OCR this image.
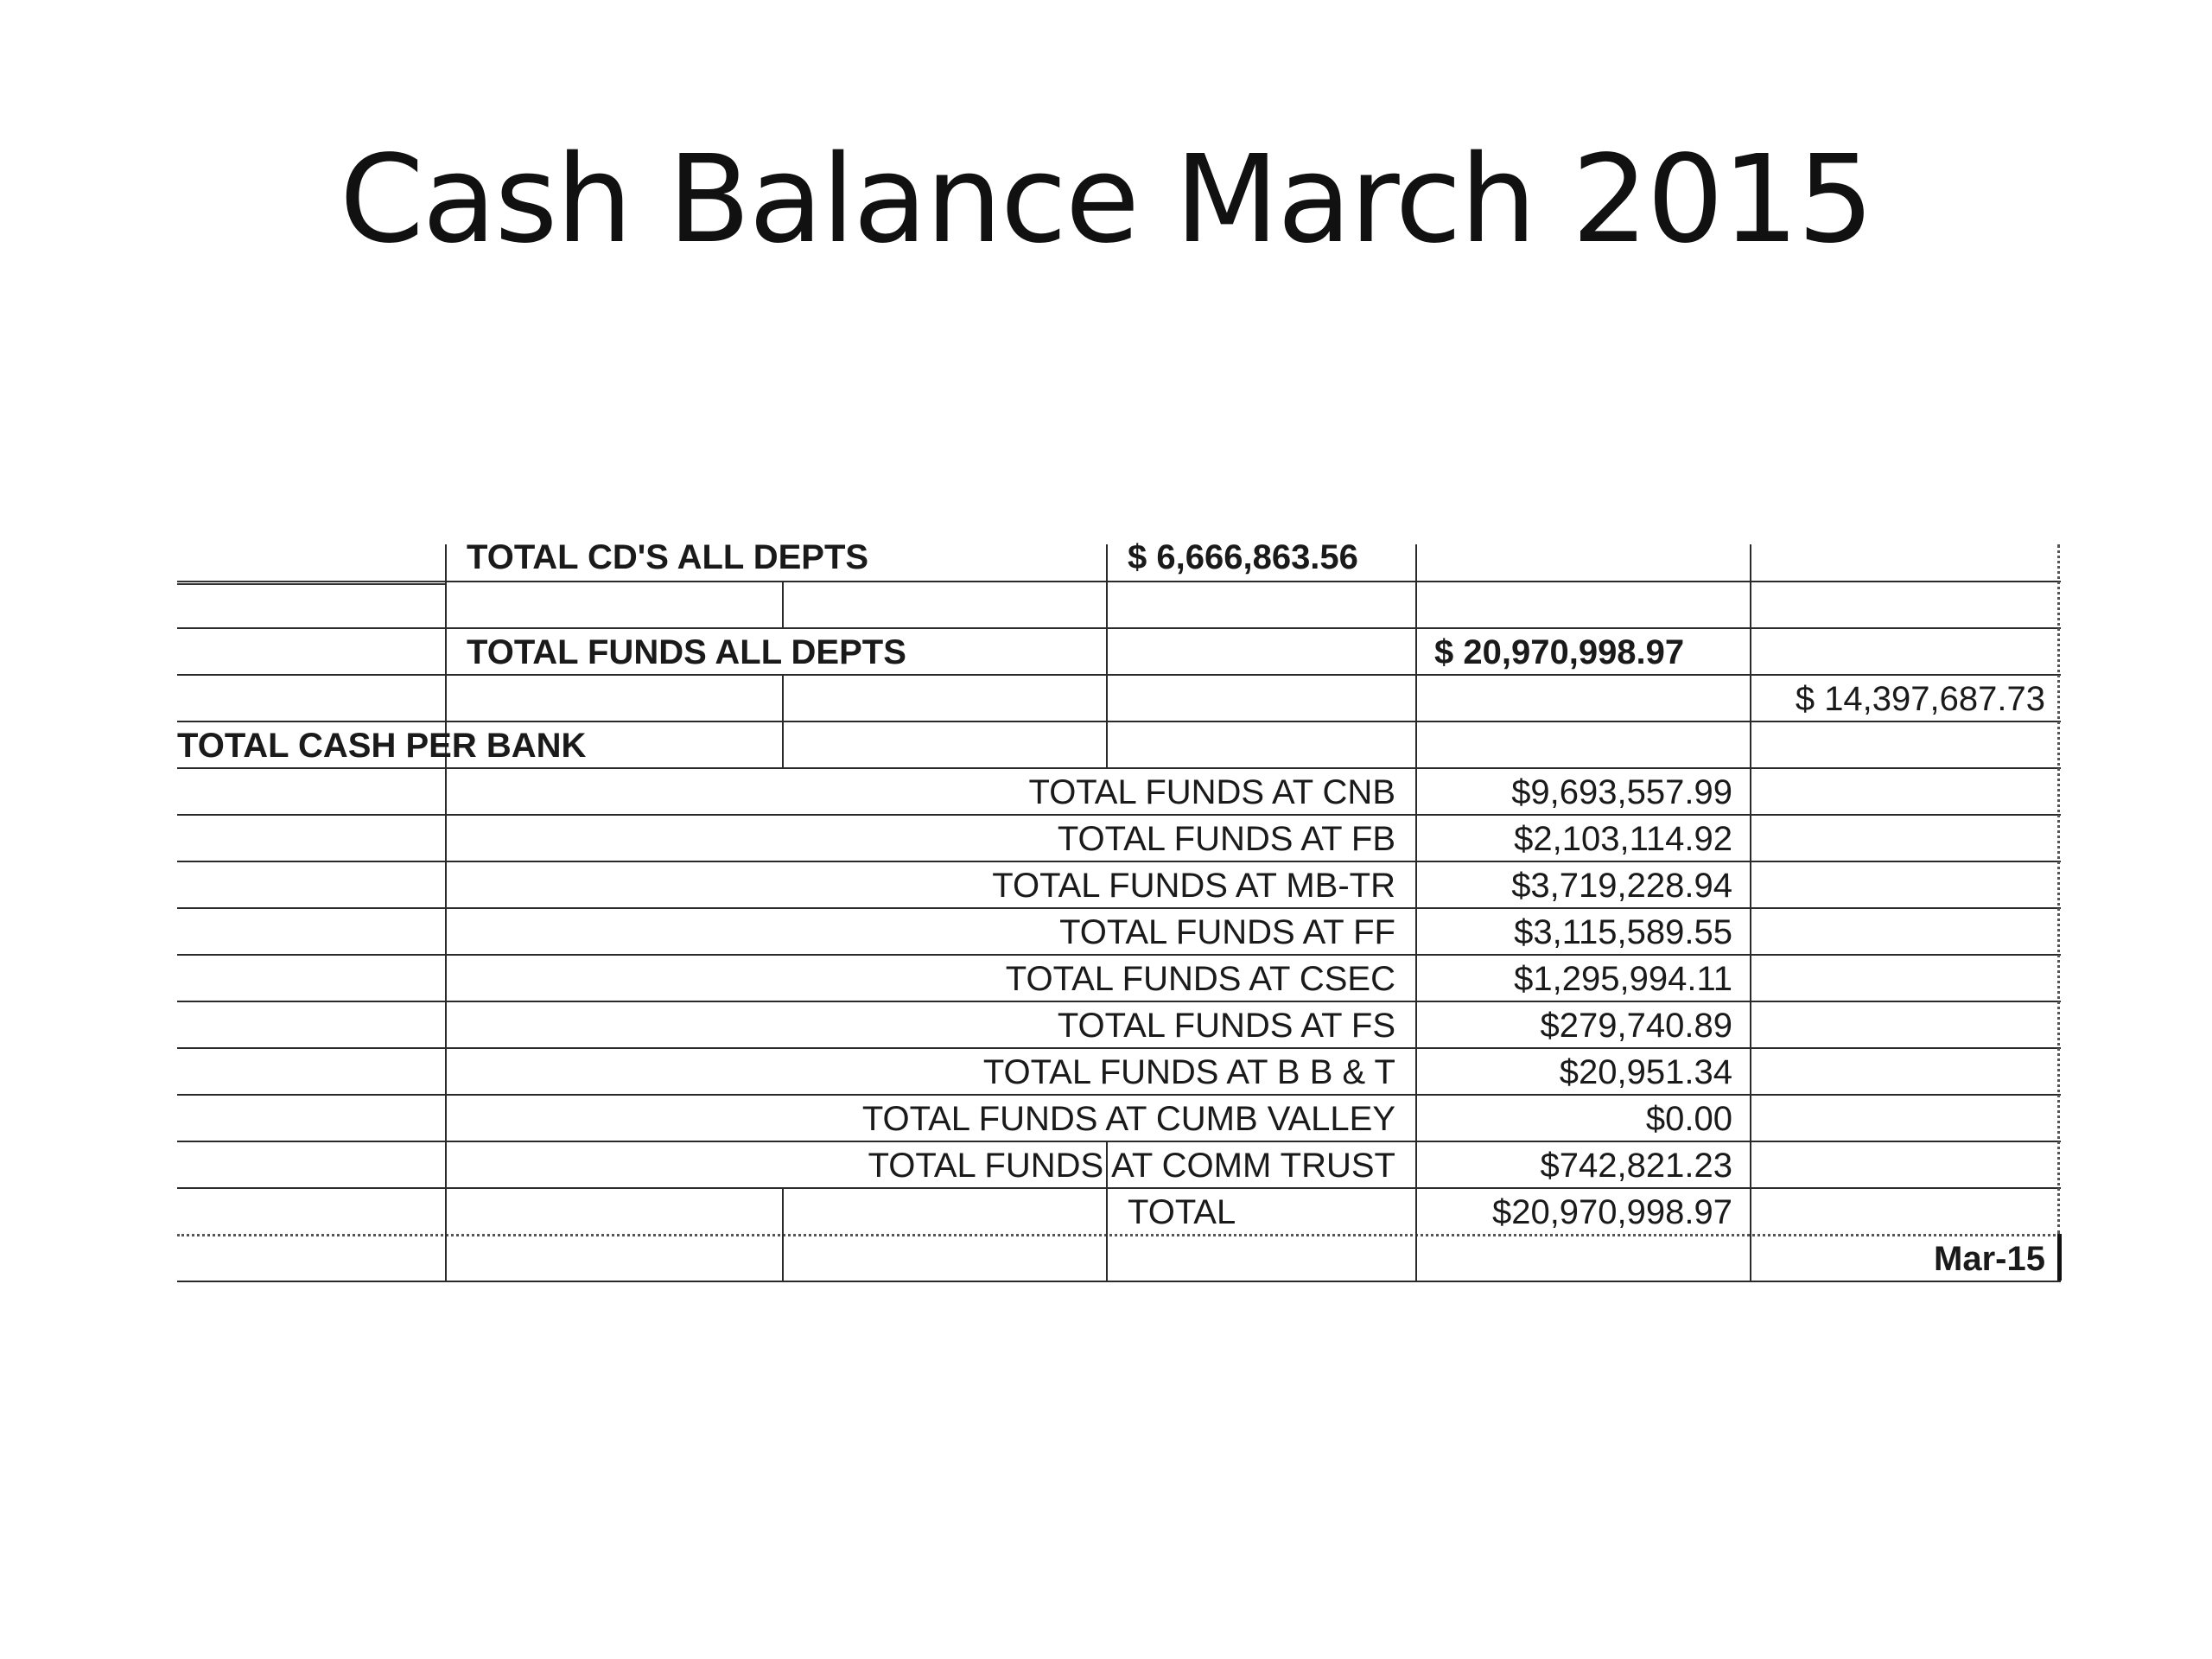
Cash Balance March 2015
TOTAL CD'S ALL DEPTS	$ 6,666,863.56
TOTAL FUNDS ALL DEPTS	$ 20,970,998.97
$ 14,397,687.73
TOTAL CASH PER BANK
TOTAL FUNDS AT CNB	$9,693,557.99
TOTAL FUNDS AT FB	$2,103,114.92
TOTAL FUNDS AT MB-TR	$3,719,228.94
TOTAL FUNDS AT FF	$3,115,589.55
TOTAL FUNDS AT CSEC	$1,295,994.11
TOTAL FUNDS AT FS	$279,740.89
TOTAL FUNDS AT B B & T	$20,951.34
TOTAL FUNDS AT CUMB VALLEY	$0.00
TOTAL FUNDS AT COMM TRUST	$742,821.23
TOTAL	$20,970,998.97
Mar-15
